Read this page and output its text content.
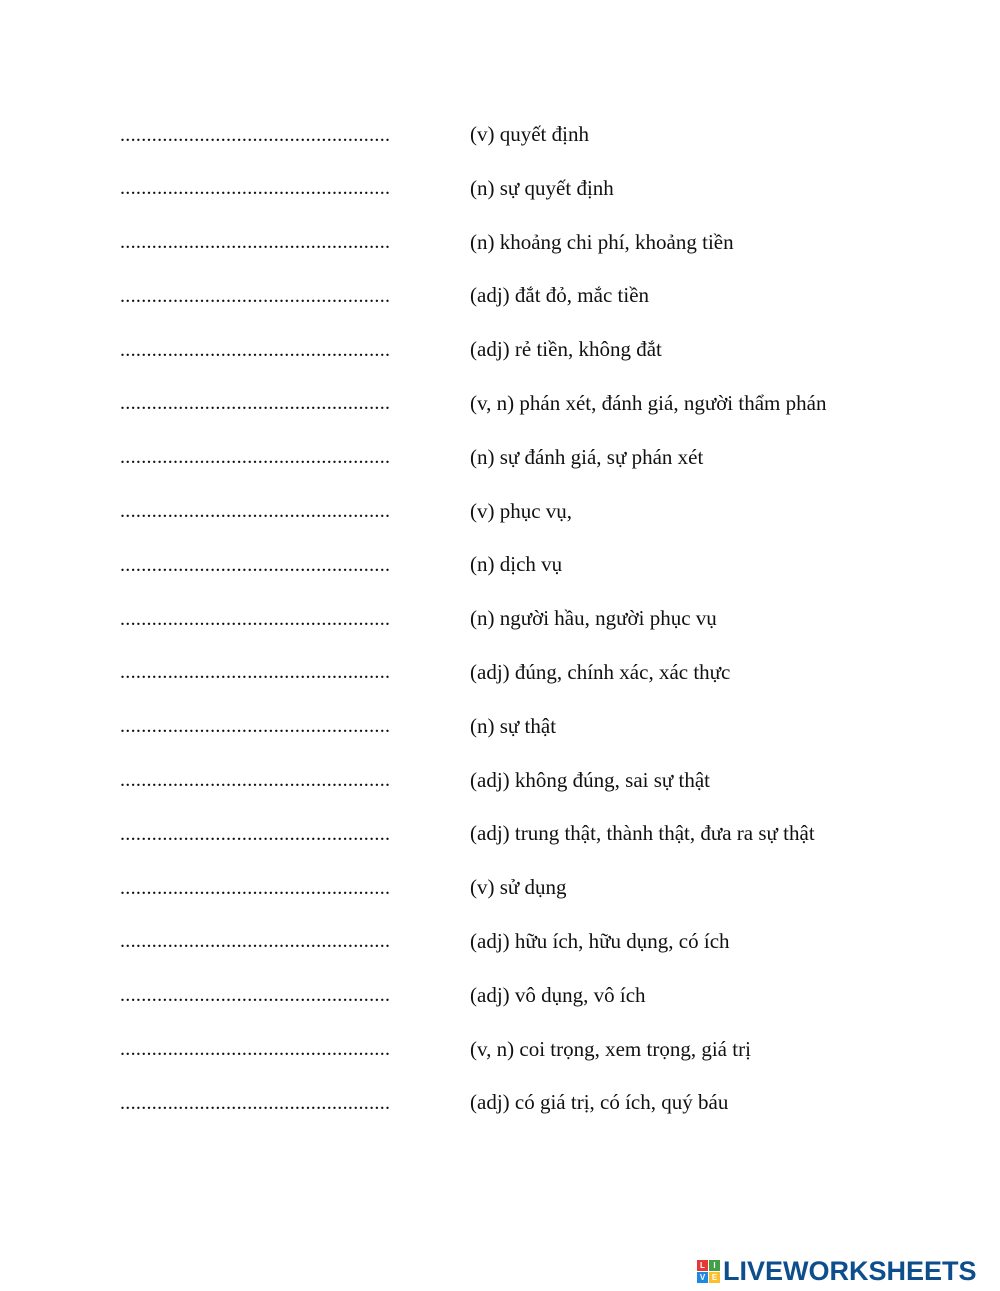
...................................................
(v) quyết định
...................................................
(n) sự quyết định
...................................................
(n) khoảng chi phí, khoảng tiền
...................................................
(adj) đắt đỏ, mắc tiền
...................................................
(adj) rẻ tiền, không đắt
...................................................
(v, n) phán xét, đánh giá, người thẩm phán
...................................................
(n) sự đánh giá, sự phán xét
...................................................
(v) phục vụ,
...................................................
(n) dịch vụ
...................................................
(n) người hầu, người phục vụ
...................................................
(adj) đúng, chính xác, xác thực
...................................................
(n) sự thật
...................................................
(adj) không đúng, sai sự thật
...................................................
(adj) trung thật, thành thật, đưa ra sự thật
...................................................
(v) sử dụng
...................................................
(adj) hữu ích, hữu dụng, có ích
...................................................
(adj) vô dụng, vô ích
...................................................
(v, n) coi trọng, xem trọng, giá trị
...................................................
(adj) có giá trị, có ích, quý báu
L	I
V E LIVEWORKSHEETS
